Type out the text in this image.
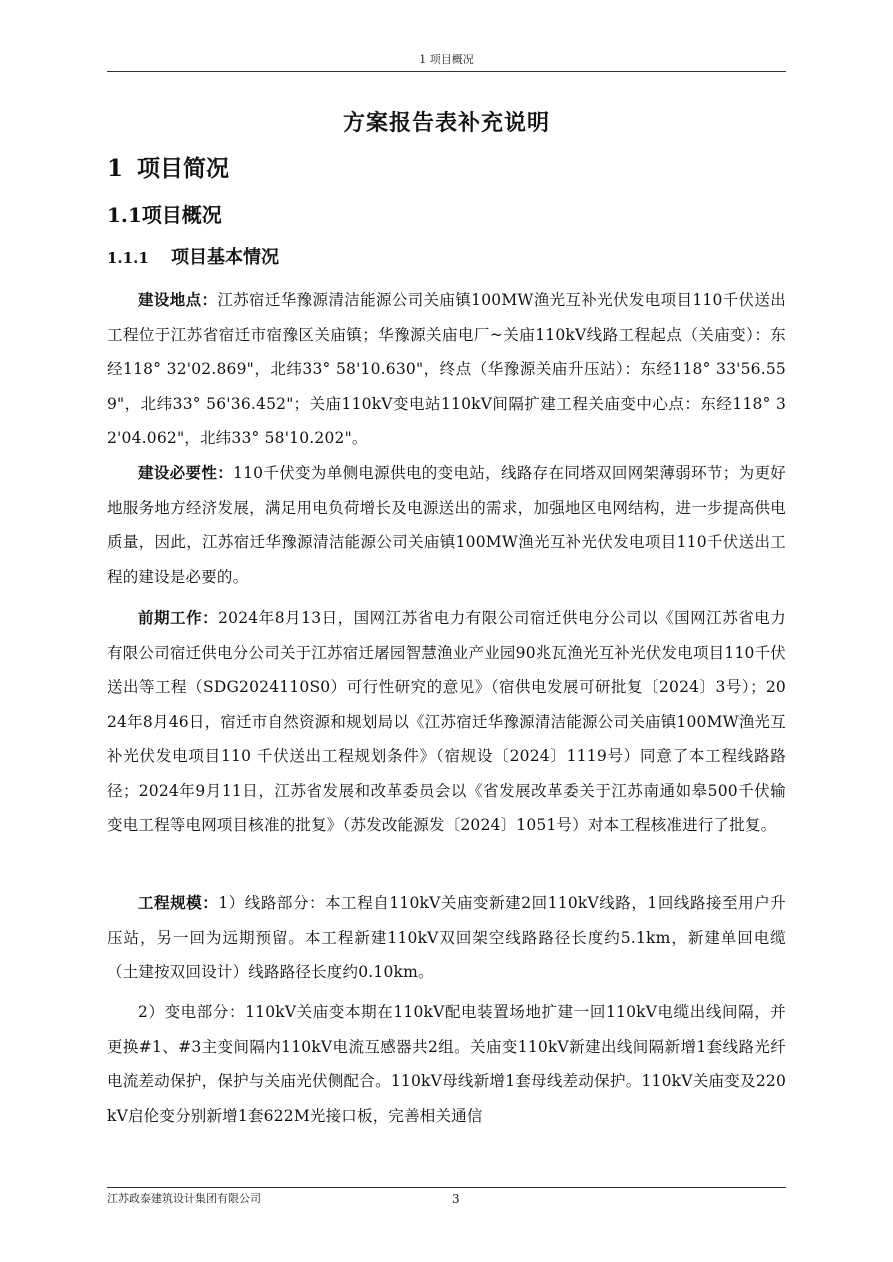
1 项目概况
方案报告表补充说明
1 项目简况
1.1项目概况
1.1.1 项目基本情况

建设地点：江苏宿迁华豫源清洁能源公司关庙镇100MW渔光互补光伏发电项目110千伏送出工程位于江苏省宿迁市宿豫区关庙镇；华豫源关庙电厂~关庙110kV线路工程起点（关庙变）：东经118° 32'02.869"，北纬33° 58'10.630"，终点（华豫源关庙升压站）：东经118° 33'56.559"，北纬33° 56'36.452"；关庙110kV变电站110kV间隔扩建工程关庙变中心点：东经118° 32'04.062"，北纬33° 58'10.202"。

建设必要性：110千伏变为单侧电源供电的变电站，线路存在同塔双回网架薄弱环节；为更好地服务地方经济发展，满足用电负荷增长及电源送出的需求，加强地区电网结构，进一步提高供电质量，因此，江苏宿迁华豫源清洁能源公司关庙镇100MW渔光互补光伏发电项目110千伏送出工程的建设是必要的。

前期工作：2024年8月13日，国网江苏省电力有限公司宿迁供电分公司以《国网江苏省电力有限公司宿迁供电分公司关于江苏宿迁屠园智慧渔业产业园90兆瓦渔光互补光伏发电项目110千伏送出等工程（SDG2024110S0）可行性研究的意见》（宿供电发展可研批复〔2024〕3号）；2024年8月46日，宿迁市自然资源和规划局以《江苏宿迁华豫源清洁能源公司关庙镇100MW渔光互补光伏发电项目110 千伏送出工程规划条件》（宿规设〔2024〕1119号）同意了本工程线路路径；2024年9月11日，江苏省发展和改革委员会以《省发展改革委关于江苏南通如皋500千伏输变电工程等电网项目核准的批复》（苏发改能源发〔2024〕1051号）对本工程核准进行了批复。

工程规模：1）线路部分：本工程自110kV关庙变新建2回110kV线路，1回线路接至用户升压站，另一回为远期预留。本工程新建110kV双回架空线路路径长度约5.1km，新建单回电缆（土建按双回设计）线路路径长度约0.10km。

2）变电部分：110kV关庙变本期在110kV配电装置场地扩建一回110kV电缆出线间隔，并更换#1、#3主变间隔内110kV电流互感器共2组。关庙变110kV新建出线间隔新增1套线路光纤电流差动保护，保护与关庙光伏侧配合。110kV母线新增1套母线差动保护。110kV关庙变及220kV启伦变分别新增1套622M光接口板，完善相关通信

江苏政泰建筑设计集团有限公司	3
